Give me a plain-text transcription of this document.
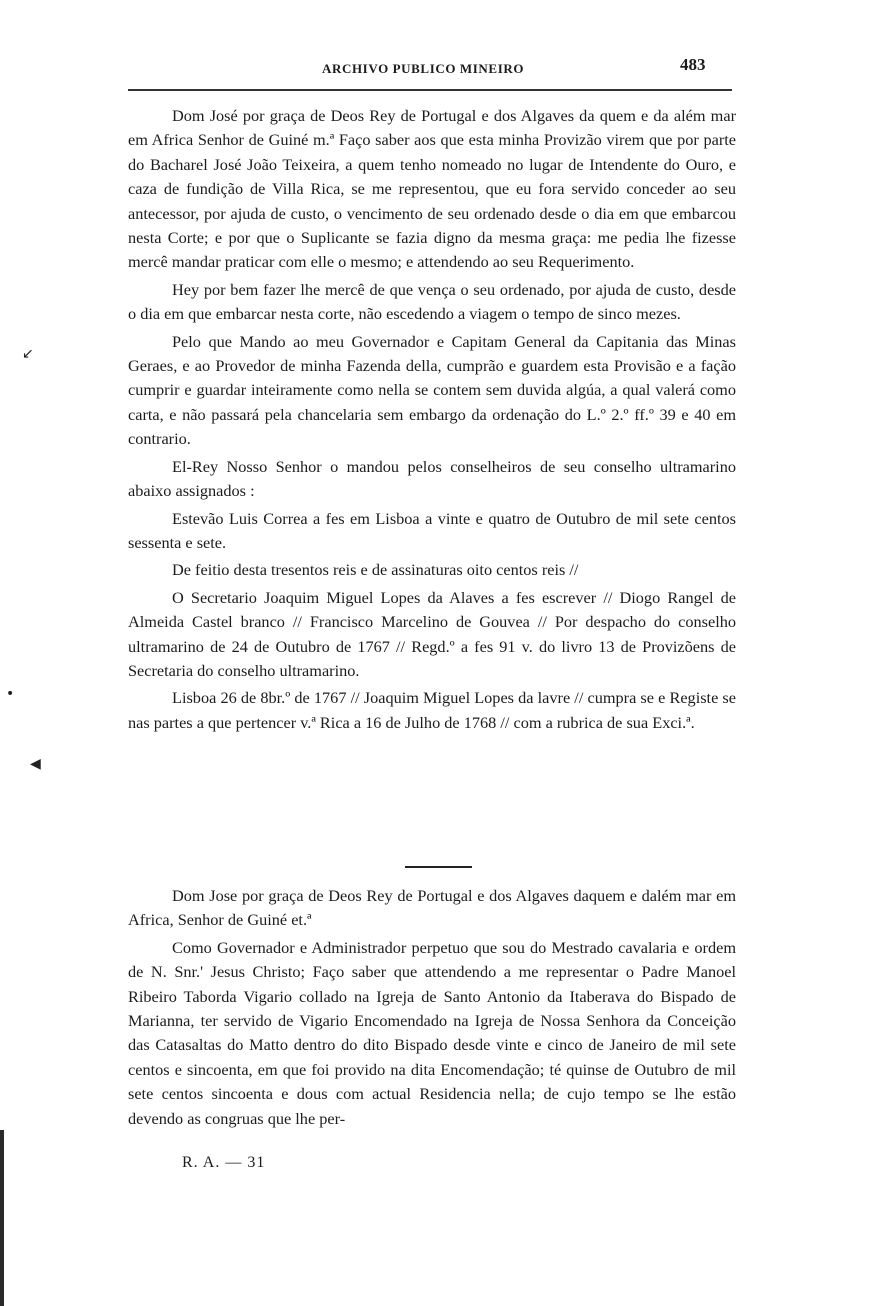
ARCHIVO PUBLICO MINEIRO	483

Dom José por graça de Deos Rey de Portugal e dos Algaves da quem e da além mar em Africa Senhor de Guiné m.ª Faço saber aos que esta minha Provizão virem que por parte do Bacharel José João Teixeira, a quem tenho nomeado no lugar de Intendente do Ouro, e caza de fundição de Villa Rica, se me representou, que eu fora servido conceder ao seu antecessor, por ajuda de custo, o vencimento de seu ordenado desde o dia em que embarcou nesta Corte; e por que o Suplicante se fazia digno da mesma graça: me pedia lhe fizesse mercê mandar praticar com elle o mesmo; e attendendo ao seu Requerimento.

Hey por bem fazer lhe mercê de que vença o seu ordenado, por ajuda de custo, desde o dia em que embarcar nesta corte, não escedendo a viagem o tempo de sinco mezes.

Pelo que Mando ao meu Governador e Capitam General da Capitania das Minas Geraes, e ao Provedor de minha Fazenda della, cumprão e guardem esta Provisão e a fação cumprir e guardar inteiramente como nella se contem sem duvida algúa, a qual valerá como carta, e não passará pela chancelaria sem embargo da ordenação do L.º 2.º ff.º 39 e 40 em contrario.

El-Rey Nosso Senhor o mandou pelos conselheiros de seu conselho ultramarino abaixo assignados :

Estevão Luis Correa a fes em Lisboa a vinte e quatro de Outubro de mil sete centos sessenta e sete.

De feitio desta tresentos reis e de assinaturas oito centos reis //

O Secretario Joaquim Miguel Lopes da Alaves a fes escrever // Diogo Rangel de Almeida Castel branco // Francisco Marcelino de Gouvea // Por despacho do conselho ultramarino de 24 de Outubro de 1767 // Regd.º a fes 91 v. do livro 13 de Provizõens de Secretaria do conselho ultramarino.

Lisboa 26 de 8br.º de 1767 // Joaquim Miguel Lopes da lavre // cumpra se e Registe se nas partes a que pertencer v.ª Rica a 16 de Julho de 1768 // com a rubrica de sua Exci.ª.

Dom Jose por graça de Deos Rey de Portugal e dos Algaves daquem e dalém mar em Africa, Senhor de Guiné et.ª

Como Governador e Administrador perpetuo que sou do Mestrado cavalaria e ordem de N. Snr.' Jesus Christo; Faço saber que attendendo a me representar o Padre Manoel Ribeiro Taborda Vigario collado na Igreja de Santo Antonio da Itaberava do Bispado de Marianna, ter servido de Vigario Encomendado na Igreja de Nossa Senhora da Conceição das Catasaltas do Matto dentro do dito Bispado desde vinte e cinco de Janeiro de mil sete centos e sincoenta, em que foi provido na dita Encomendação; té quinse de Outubro de mil sete centos sincoenta e dous com actual Residencia nella; de cujo tempo se lhe estão devendo as congruas que lhe per-

R. A. — 31
↙
•
◀
